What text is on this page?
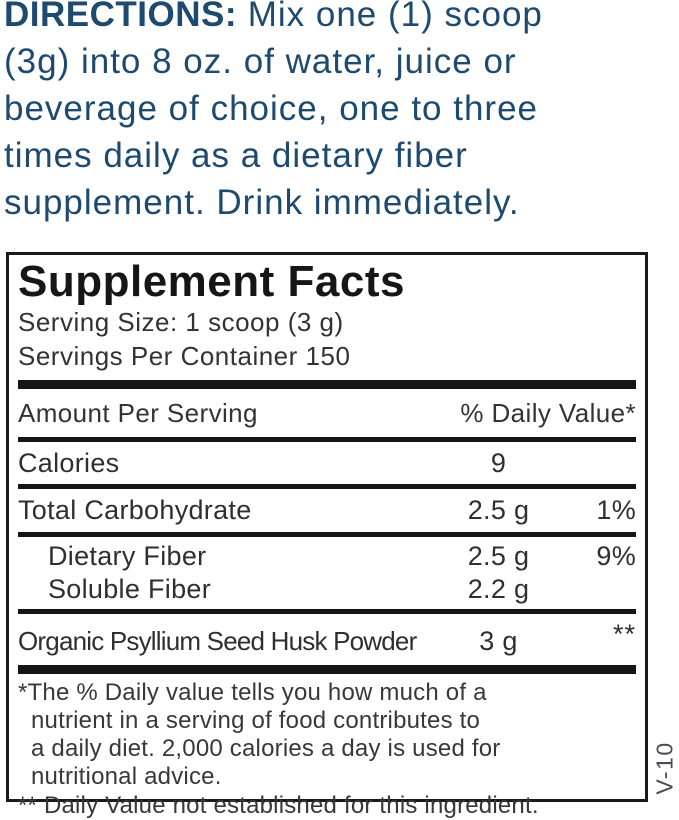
DIRECTIONS: Mix one (1) scoop
(3g) into 8 oz. of water, juice or
beverage of choice, one to three
times daily as a dietary fiber
supplement. Drink immediately.
Supplement Facts
Serving Size: 1 scoop (3 g)
Servings Per Container 150
Amount Per Serving	% Daily Value*
Calories	9
Total Carbohydrate	2.5 g	1%
Dietary Fiber	2.5 g	9%
Soluble Fiber	2.2 g
Organic Psyllium Seed Husk Powder	3 g	**
*The % Daily value tells you how much of a
nutrient in a serving of food contributes to
a daily diet. 2,000 calories a day is used for
nutritional advice.
** Daily Value not established for this ingredient.
V-10
